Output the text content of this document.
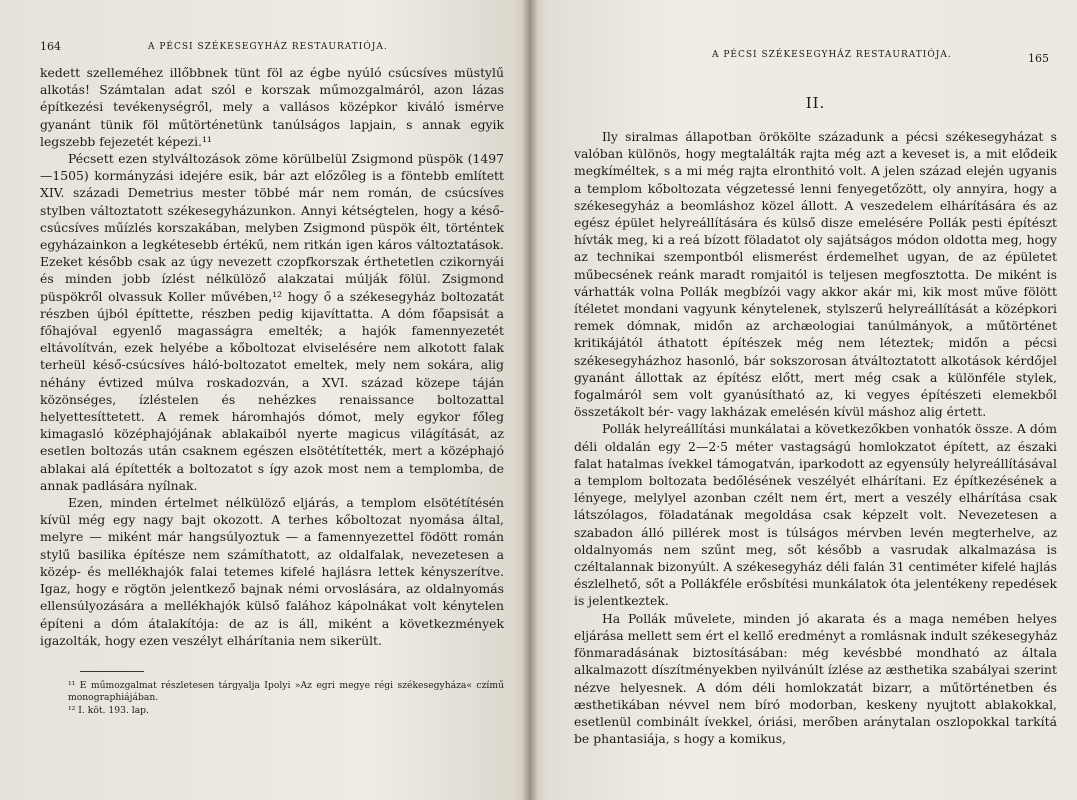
164	A PÉCSI SZÉKESEGYHÁZ RESTAURATIÓJA.

kedett szelleméhez illőbbnek tünt föl az égbe nyúló csúcsíves müstylű alkotás! Számtalan adat szól e korszak műmozgalmáról, azon lázas építkezési tevékenységről, mely a vallásos középkor kiváló ismérve gyanánt tünik föl műtörténetünk tanúlságos lapjain, s annak egyik legszebb fejezetét képezi.¹¹

Pécsett ezen stylváltozások zöme körülbelül Zsigmond püspök (1497—1505) kormányzási idejére esik, bár azt előzőleg is a föntebb említett XIV. századi Demetrius mester többé már nem román, de csúcsíves stylben változtatott székesegyházunkon. Annyi kétségtelen, hogy a késő-csúcsíves műízlés korszakában, melyben Zsigmond püspök élt, történtek egyházainkon a legkétesebb értékű, nem ritkán igen káros változtatások. Ezeket később csak az úgy nevezett czopfkorszak érthetetlen czikornyái és minden jobb ízlést nélkülöző alakzatai múlják fölül. Zsigmond püspökről olvassuk Koller művében,¹² hogy ő a székesegyház boltozatát részben újból építtette, részben pedig kijavíttatta. A dóm főapsisát a főhajóval egyenlő magasságra emelték; a hajók famennyezetét eltávolítván, ezek helyébe a kőboltozat elviselésére nem alkotott falak terheül késő-csúcsíves háló-boltozatot emeltek, mely nem sokára, alig néhány évtized múlva roskadozván, a XVI. század közepe táján közönséges, ízléstelen és nehézkes renaissance boltozattal helyettesíttetett. A remek háromhajós dómot, mely egykor főleg kimagasló középhajójának ablakaiból nyerte magicus világítását, az esetlen boltozás után csaknem egészen elsötétítették, mert a középhajó ablakai alá építették a boltozatot s így azok most nem a templomba, de annak padlására nyílnak.

Ezen, minden értelmet nélkülöző eljárás, a templom elsötétítésén kívül még egy nagy bajt okozott. A terhes kőboltozat nyomása által, melyre — miként már hangsúlyoztuk — a famennyezettel födött román stylű basilika építésze nem számíthatott, az oldalfalak, nevezetesen a közép- és mellékhajók falai tetemes kifelé hajlásra lettek kényszerítve. Igaz, hogy e rögtön jelentkező bajnak némi orvoslására, az oldalnyomás ellensúlyozására a mellékhajók külső falához kápolnákat volt kénytelen építeni a dóm átalakítója: de az is áll, miként a következmények igazolták, hogy ezen veszélyt elhárítania nem sikerült.

¹¹ E műmozgalmat részletesen tárgyalja Ipolyi »Az egri megye régi székesegyháza« czímű monographiájában.

¹² I. köt. 193. lap.

A PÉCSI SZÉKESEGYHÁZ RESTAURATIÓJA.	165
II.

Ily siralmas állapotban örökölte századunk a pécsi székesegyházat s valóban különös, hogy megtalálták rajta még azt a keveset is, a mit elődeik megkíméltek, s a mi még rajta elronthitó volt. A jelen század elején ugyanis a templom kőboltozata végzetessé lenni fenyegetőzött, oly annyira, hogy a székesegyház a beomláshoz közel állott. A veszedelem elhárítására és az egész épület helyreállítására és külső disze emelésére Pollák pesti építészt hívták meg, ki a reá bízott föladatot oly sajátságos módon oldotta meg, hogy az technikai szempontból elismerést érdemelhet ugyan, de az épületet műbecsének reánk maradt romjaitól is teljesen megfosztotta. De miként is várhatták volna Pollák megbízói vagy akkor akár mi, kik most műve fölött ítéletet mondani vagyunk kénytelenek, stylszerű helyreállítását a középkori remek dómnak, midőn az archæologiai tanúlmányok, a műtörténet kritikájától áthatott építészek még nem léteztek; midőn a pécsi székesegyházhoz hasonló, bár sokszorosan átváltoztatott alkotások kérdőjel gyanánt állottak az építész előtt, mert még csak a különféle stylek, fogalmáról sem volt gyanúsítható az, ki vegyes építészeti elemekből összetákolt bér- vagy lakházak emelésén kívül máshoz alig értett.

Pollák helyreállítási munkálatai a következőkben vonhatók össze. A dóm déli oldalán egy 2—2·5 méter vastagságú homlokzatot épített, az északi falat hatalmas ívekkel támogatván, iparkodott az egyensúly helyreállításával a templom boltozata bedőlésének veszélyét elhárítani. Ez építkezésének a lényege, melylyel azonban czélt nem ért, mert a veszély elhárítása csak látszólagos, föladatának megoldása csak képzelt volt. Nevezetesen a szabadon álló pillérek most is túlságos mérvben levén megterhelve, az oldalnyomás nem szűnt meg, sőt később a vasrudak alkalmazása is czéltalannak bizonyúlt. A székesegyház déli falán 31 centiméter kifelé hajlás észlelhető, sőt a Pollákféle erősbítési munkálatok óta jelentékeny repedések is jelentkeztek.

Ha Pollák művelete, minden jó akarata és a maga nemében helyes eljárása mellett sem ért el kellő eredményt a romlásnak indult székesegyház fönmaradásának biztosításában: még kevésbbé mondható az általa alkalmazott díszítményekben nyilvánúlt ízlése az æsthetika szabályai szerint nézve helyesnek. A dóm déli homlokzatát bizarr, a műtörténetben és æsthetikában névvel nem bíró modorban, keskeny nyujtott ablakokkal, esetlenül combinált ívekkel, óriási, merőben aránytalan oszlopokkal tarkítá be phantasiája, s hogy a komikus,
